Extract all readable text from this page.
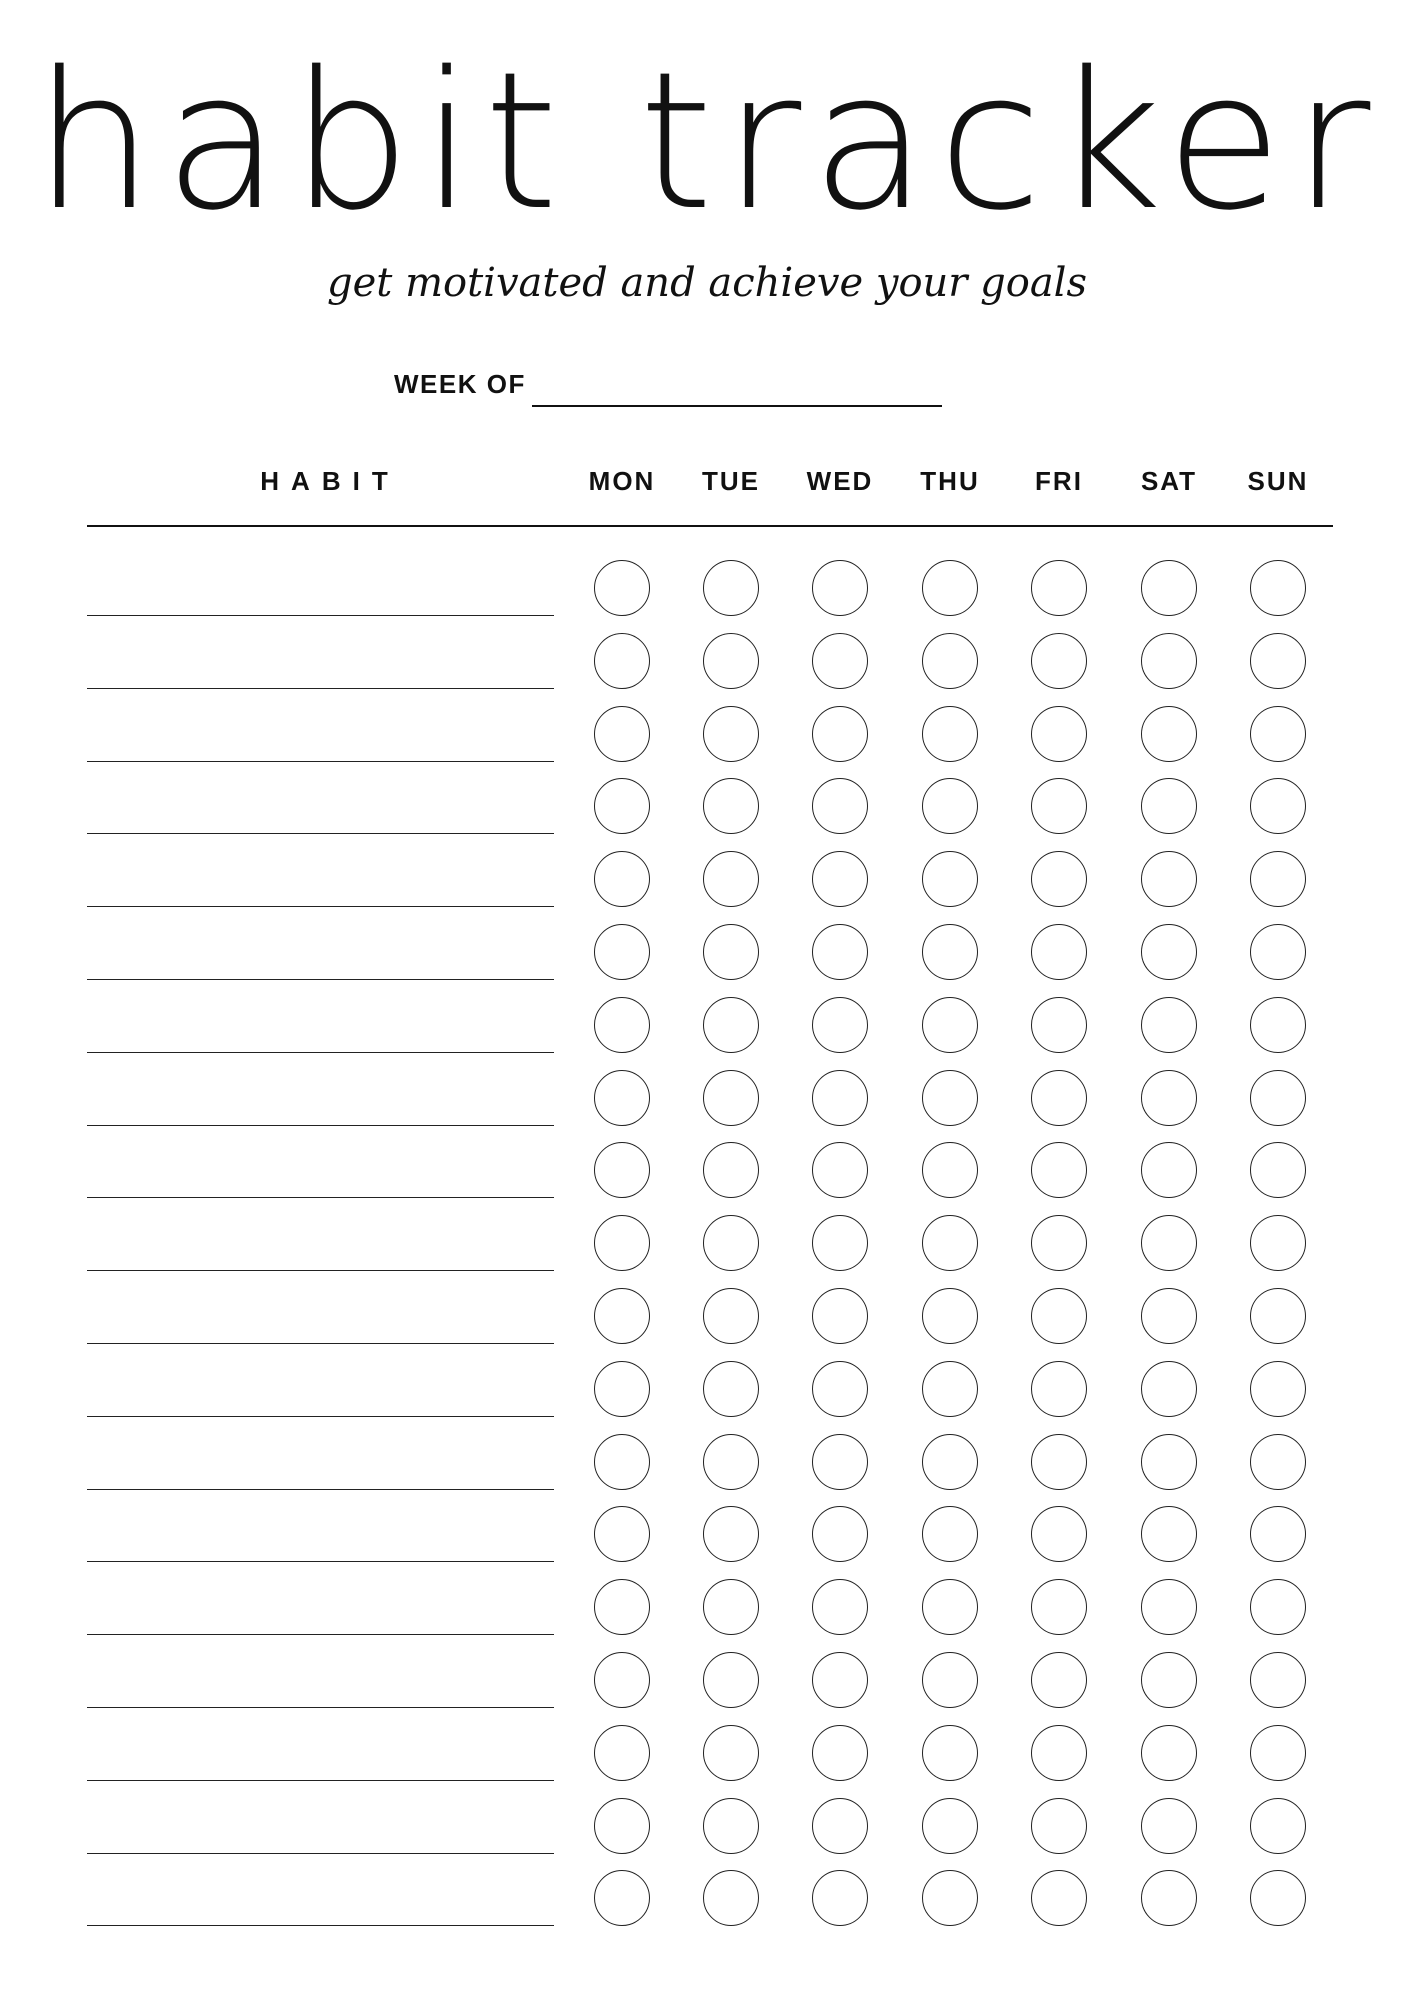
habit tracker
get motivated and achieve your goals
WEEK OF
HABIT	MON	TUE	WED	THU	FRI	SAT	SUN
